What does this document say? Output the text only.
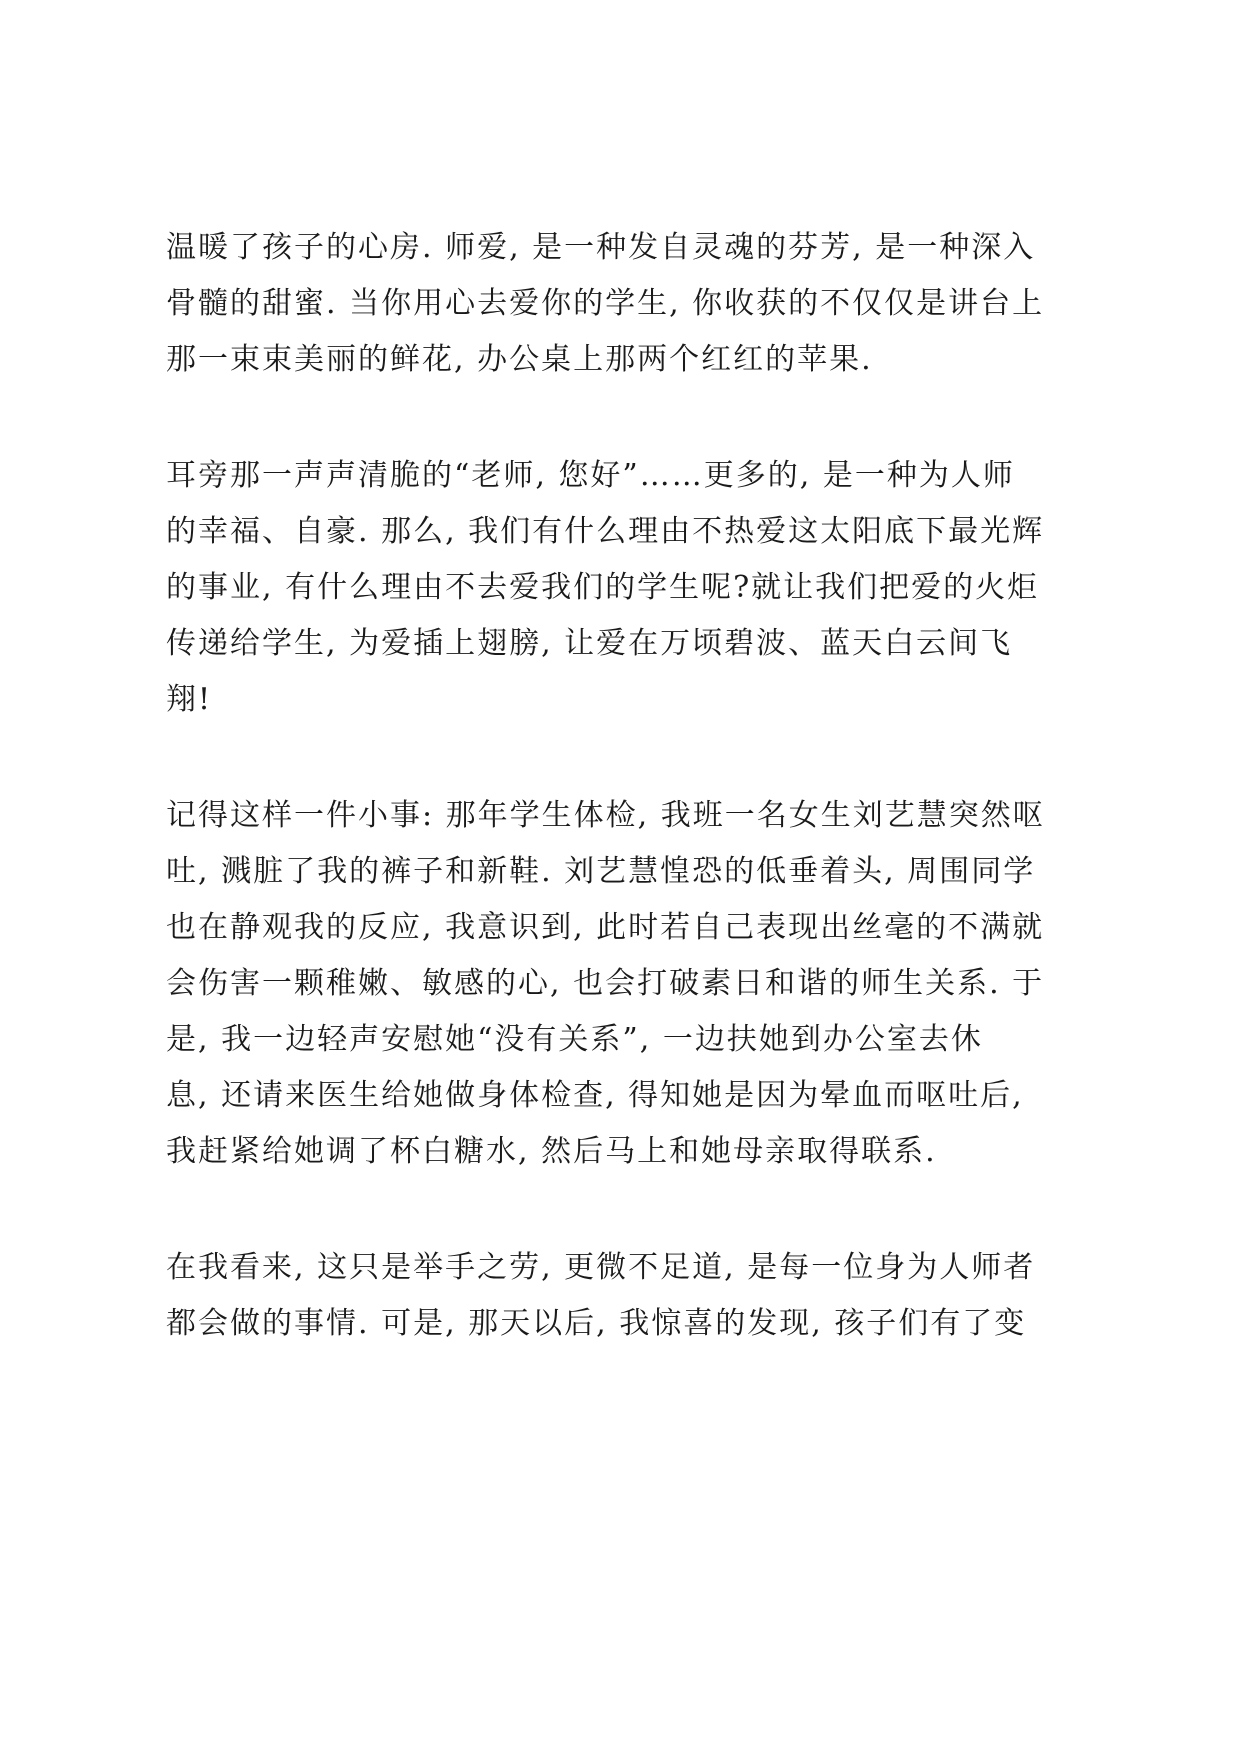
温暖了孩子的心房. 师爱, 是一种发自灵魂的芬芳, 是一种深入
骨髓的甜蜜. 当你用心去爱你的学生, 你收获的不仅仅是讲台上
那一束束美丽的鲜花, 办公桌上那两个红红的苹果.
耳旁那一声声清脆的“老师, 您好”……更多的, 是一种为人师
的幸福、自豪. 那么, 我们有什么理由不热爱这太阳底下最光辉
的事业, 有什么理由不去爱我们的学生呢?就让我们把爱的火炬
传递给学生, 为爱插上翅膀, 让爱在万顷碧波、蓝天白云间飞
翔!
记得这样一件小事: 那年学生体检, 我班一名女生刘艺慧突然呕
吐, 溅脏了我的裤子和新鞋. 刘艺慧惶恐的低垂着头, 周围同学
也在静观我的反应, 我意识到, 此时若自己表现出丝毫的不满就
会伤害一颗稚嫩、敏感的心, 也会打破素日和谐的师生关系. 于
是, 我一边轻声安慰她“没有关系”, 一边扶她到办公室去休
息, 还请来医生给她做身体检查, 得知她是因为晕血而呕吐后,
我赶紧给她调了杯白糖水, 然后马上和她母亲取得联系.
在我看来, 这只是举手之劳, 更微不足道, 是每一位身为人师者
都会做的事情. 可是, 那天以后, 我惊喜的发现, 孩子们有了变
